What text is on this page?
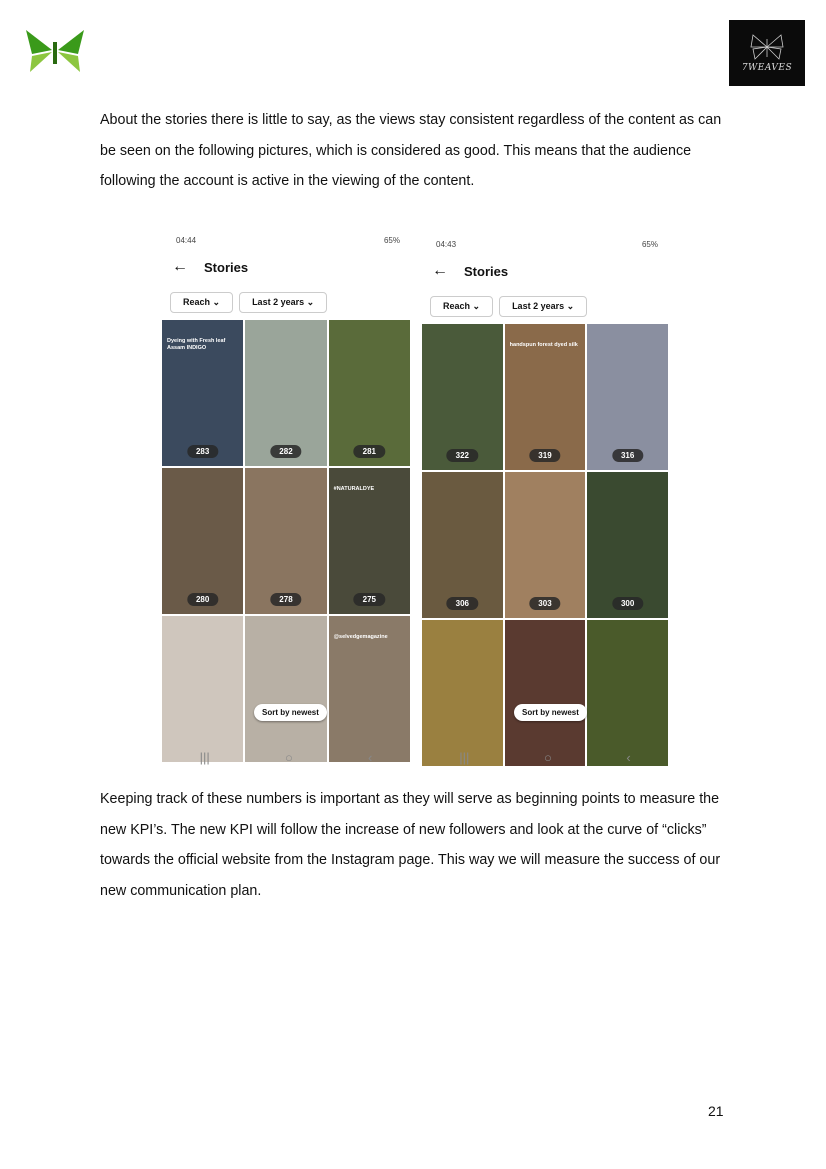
7WEAVES

About the stories there is little to say, as the views stay consistent regardless of the content as can be seen on the following pictures, which is considered as good. This means that the audience following the account is active in the viewing of the content.

04:44	65%
← Stories
Reach ⌄	Last 2 years ⌄
Dyeing with Fresh leaf Assam INDIGO
283	282	281
280	278
#NATURALDYE
275
@selvedgemagazine
Sort by newest
|||	○	‹
04:43	65%
← Stories
Reach ⌄	Last 2 years ⌄
322
handspun forest dyed silk
319	316
306	303	300
Sort by newest
|||	○	‹

Keeping track of these numbers is important as they will serve as beginning points to measure the new KPI’s. The new KPI will follow the increase of new followers and look at the curve of “clicks” towards the official website from the Instagram page. This way we will measure the success of our new communication plan.

21
